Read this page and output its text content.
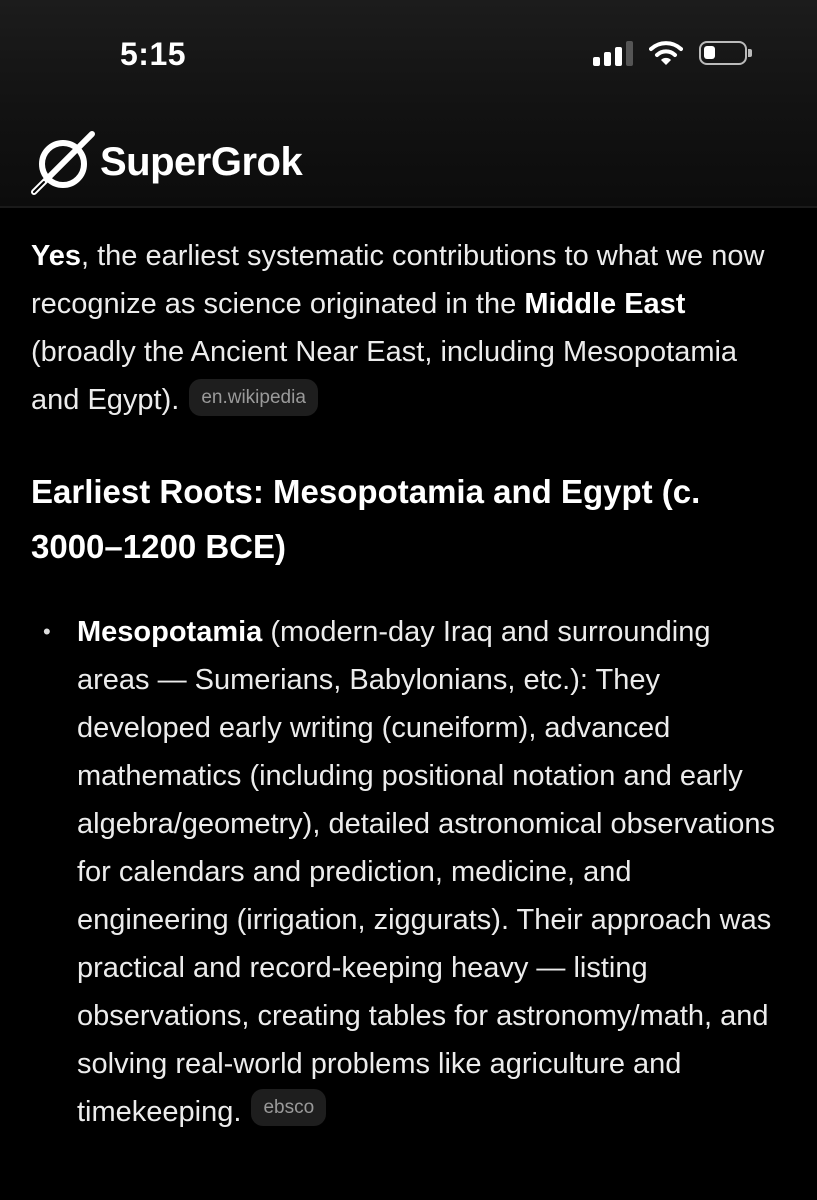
5:15
SuperGrok

Yes, the earliest systematic contributions to what we now recognize as science originated in the Middle East (broadly the Ancient Near East, including Mesopotamia and Egypt). en.wikipedia

Earliest Roots: Mesopotamia and Egypt (c. 3000–1200 BCE)
• Mesopotamia (modern-day Iraq and surrounding areas — Sumerians, Babylonians, etc.): They developed early writing (cuneiform), advanced mathematics (including positional notation and early algebra/geometry), detailed astronomical observations for calendars and prediction, medicine, and engineering (irrigation, ziggurats). Their approach was practical and record-keeping heavy — listing observations, creating tables for astronomy/math, and solving real-world problems like agriculture and timekeeping. ebsco
